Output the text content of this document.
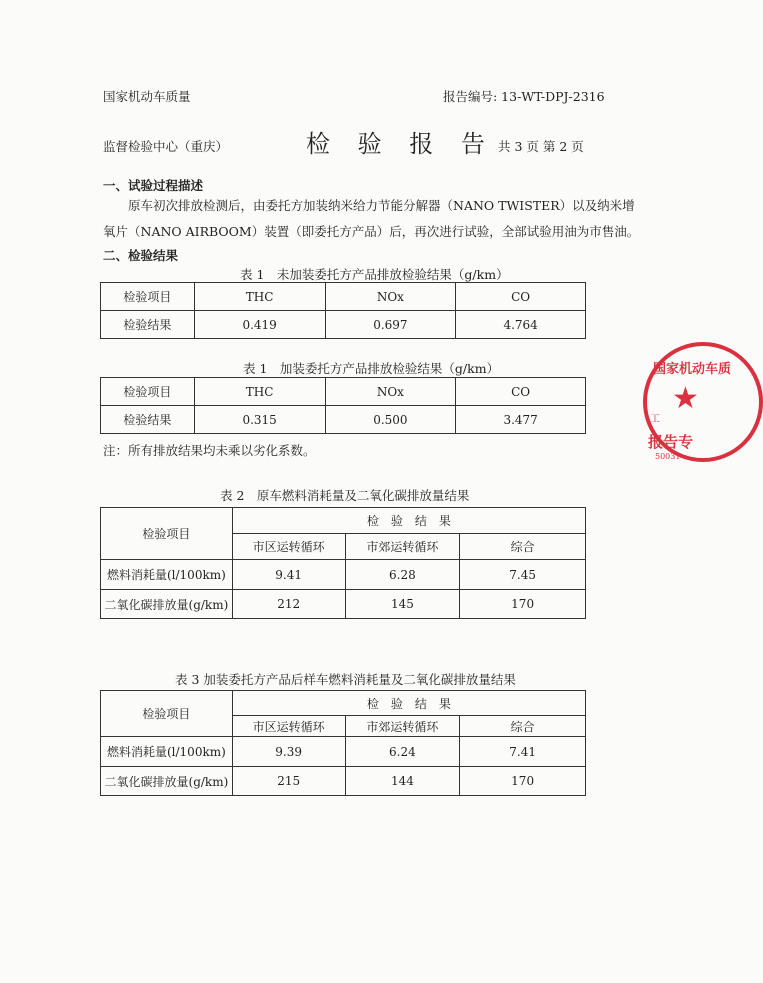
国家机动车质量	报告编号: 13-WT-DPJ-2316
监督检验中心（重庆）	检 验 报 告 共 3 页 第 2 页
一、试验过程描述
原车初次排放检测后，由委托方加装纳米给力节能分解器（NANO TWISTER）以及纳米增
氧片（NANO AIRBOOM）装置（即委托方产品）后，再次进行试验，全部试验用油为市售油。
二、检验结果
表 1　未加装委托方产品排放检验结果（g/km）
检验项目	THC	NOx	CO
检验结果	0.419	0.697	4.764
表 1　加装委托方产品排放检验结果（g/km）
检验项目	THC	NOx	CO
检验结果	0.315	0.500	3.477
注：所有排放结果均未乘以劣化系数。
表 2　原车燃料消耗量及二氧化碳排放量结果
检验项目	检　验　结　果		
	市区运转循环	市郊运转循环	综合
燃料消耗量(l/100km)	9.41	6.28	7.45
二氧化碳排放量(g/km)	212	145	170
表 3 加装委托方产品后样车燃料消耗量及二氧化碳排放量结果
检验项目	检　验　结　果		
	市区运转循环	市郊运转循环	综合
燃料消耗量(l/100km)	9.39	6.24	7.41
二氧化碳排放量(g/km)	215	144	170
国家机动车质
★
工
报告专
50031
